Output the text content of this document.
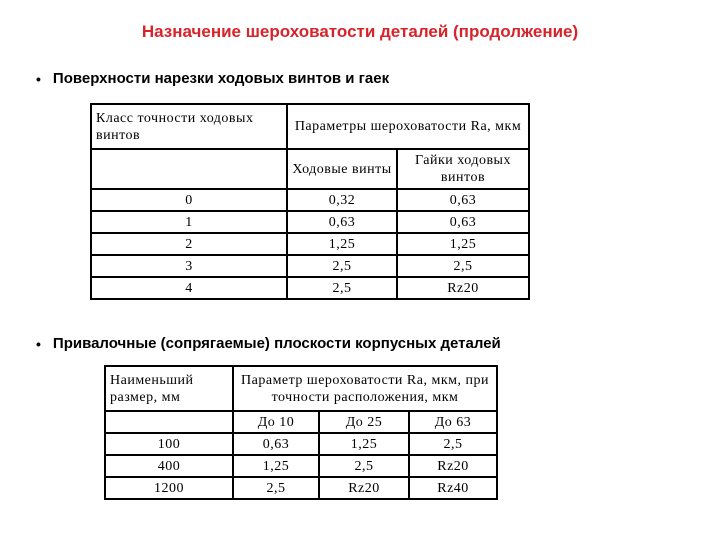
Назначение шероховатости деталей (продолжение)
• Поверхности нарезки ходовых винтов и гаек
Класс точности ходовых винтов	Параметры шероховатости Ra, мкм	
	Ходовые винты	Гайки ходовых винтов
0	0,32	0,63
1	0,63	0,63
2	1,25	1,25
3	2,5	2,5
4	2,5	Rz20
• Привалочные (сопрягаемые) плоскости корпусных деталей
Наименьший размер, мм	Параметр шероховатости Ra, мкм, при точности расположения, мкм		
	До 10	До 25	До 63
100	0,63	1,25	2,5
400	1,25	2,5	Rz20
1200	2,5	Rz20	Rz40
